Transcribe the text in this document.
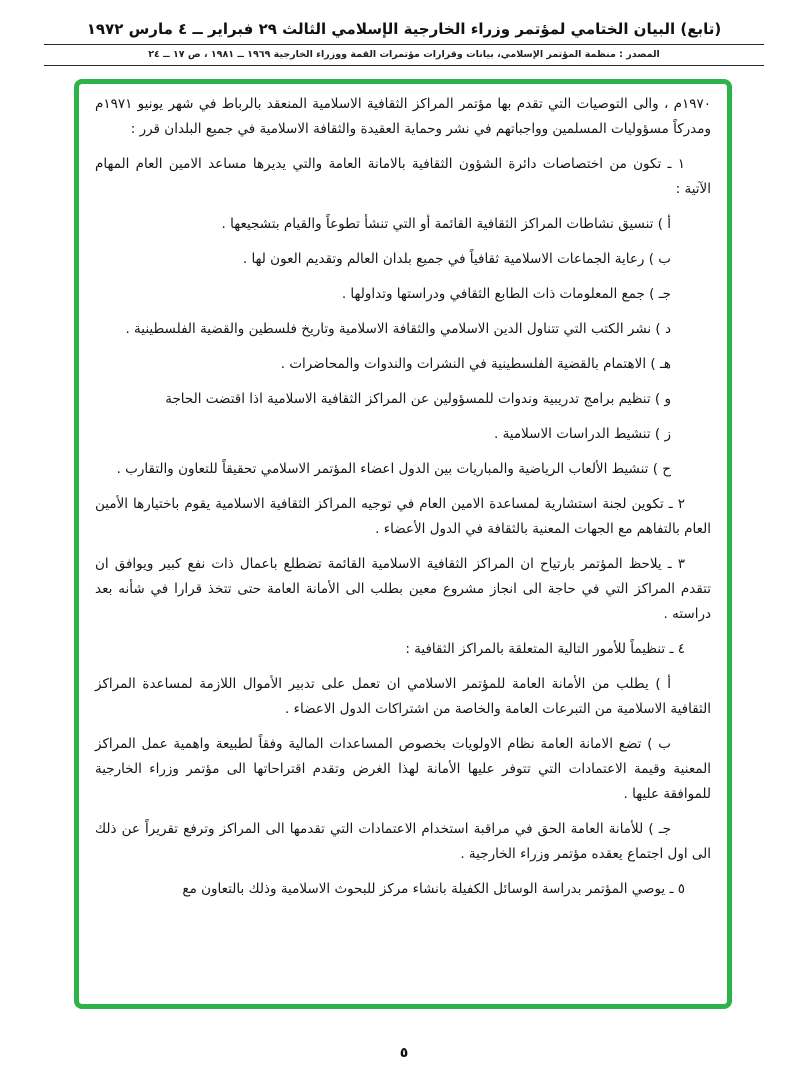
(تابع) البيان الختامي لمؤتمر وزراء الخارجية الإسلامي الثالث ٢٩ فبراير ــ ٤ مارس ١٩٧٢
المصدر : منظمة المؤتمر الإسلامي، بيانات وقرارات مؤتمرات القمة ووزراء الخارجية ١٩٦٩ ــ ١٩٨١ ، ص ١٧ ــ ٢٤

١٩٧٠م ، والى التوصيات التي تقدم بها مؤتمر المراكز الثقافية الاسلامية المنعقد بالرباط في شهر يونيو ١٩٧١م ومدركاً مسؤوليات المسلمين وواجباتهم في نشر وحماية العقيدة والثقافة الاسلامية في جميع البلدان قرر :

١ ـ تكون من اختصاصات دائرة الشؤون الثقافية بالامانة العامة والتي يديرها مساعد الامين العام المهام الآتية :

أ ) تنسيق نشاطات المراكز الثقافية القائمة أو التي تنشأ تطوعاً والقيام بتشجيعها .

ب ) رعاية الجماعات الاسلامية ثقافياً في جميع بلدان العالم وتقديم العون لها .

جـ ) جمع المعلومات ذات الطابع الثقافي ودراستها وتداولها .

د ) نشر الكتب التي تتناول الدين الاسلامي والثقافة الاسلامية وتاريخ فلسطين والقضية الفلسطينية .

هـ ) الاهتمام بالقضية الفلسطينية في النشرات والندوات والمحاضرات .

و ) تنظيم برامج تدريبية وندوات للمسؤولين عن المراكز الثقافية الاسلامية اذا اقتضت الحاجة

ز ) تنشيط الدراسات الاسلامية .

ح ) تنشيط الألعاب الرياضية والمباريات بين الدول اعضاء المؤتمر الاسلامي تحقيقاً للتعاون والتقارب .

٢ ـ تكوين لجنة استشارية لمساعدة الامين العام في توجيه المراكز الثقافية الاسلامية يقوم باختيارها الأمين العام بالتفاهم مع الجهات المعنية بالثقافة في الدول الأعضاء .

٣ ـ يلاحظ المؤتمر بارتياح ان المراكز الثقافية الاسلامية القائمة تضطلع باعمال ذات نفع كبير ويوافق ان تتقدم المراكز التي في حاجة الى انجاز مشروع معين بطلب الى الأمانة العامة حتى تتخذ قرارا في شأنه بعد دراسته .

٤ ـ تنظيماً للأمور التالية المتعلقة بالمراكز الثقافية :

أ ) يطلب من الأمانة العامة للمؤتمر الاسلامي ان تعمل على تدبير الأموال اللازمة لمساعدة المراكز الثقافية الاسلامية من التبرعات العامة والخاصة من اشتراكات الدول الاعضاء .

ب ) تضع الامانة العامة نظام الاولويات بخصوص المساعدات المالية وفقاً لطبيعة واهمية عمل المراكز المعنية وقيمة الاعتمادات التي تتوفر عليها الأمانة لهذا الغرض وتقدم اقتراحاتها الى مؤتمر وزراء الخارجية للموافقة عليها .

جـ ) للأمانة العامة الحق في مراقبة استخدام الاعتمادات التي تقدمها الى المراكز وترفع تقريراً عن ذلك الى اول اجتماع يعقده مؤتمر وزراء الخارجية .

٥ ـ يوصي المؤتمر بدراسة الوسائل الكفيلة بانشاء مركز للبحوث الاسلامية وذلك بالتعاون مع

٥
